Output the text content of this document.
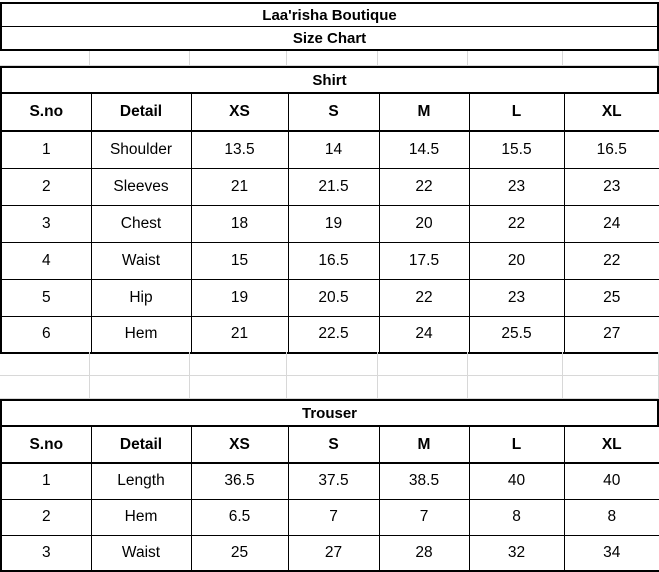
Laa'risha Boutique
Size Chart
Shirt
S.no	Detail	XS	S	M	L	XL
1	Shoulder	13.5	14	14.5	15.5	16.5
2	Sleeves	21	21.5	22	23	23
3	Chest	18	19	20	22	24
4	Waist	15	16.5	17.5	20	22
5	Hip	19	20.5	22	23	25
6	Hem	21	22.5	24	25.5	27
Trouser
S.no	Detail	XS	S	M	L	XL
1	Length	36.5	37.5	38.5	40	40
2	Hem	6.5	7	7	8	8
3	Waist	25	27	28	32	34
